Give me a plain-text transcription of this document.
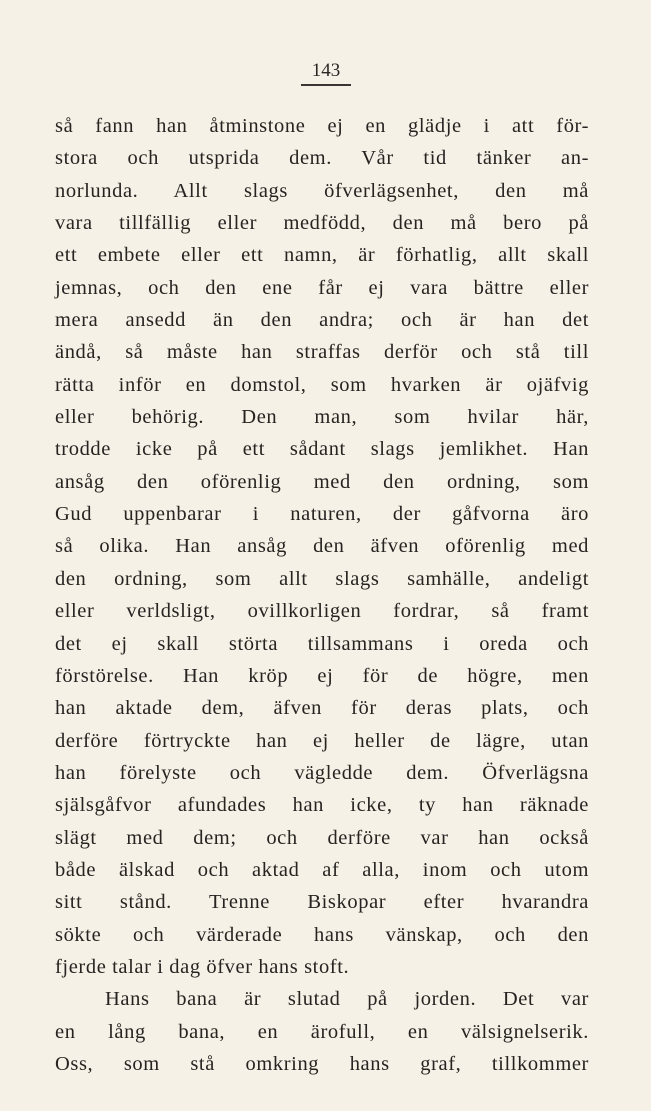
143
så fann han åtminstone ej en glädje i att för-
stora och utsprida dem. Vår tid tänker an-
norlunda. Allt slags öfverlägsenhet, den må
vara tillfällig eller medfödd, den må bero på
ett embete eller ett namn, är förhatlig, allt skall
jemnas, och den ene får ej vara bättre eller
mera ansedd än den andra; och är han det
ändå, så måste han straffas derför och stå till
rätta inför en domstol, som hvarken är ojäfvig
eller behörig. Den man, som hvilar här,
trodde icke på ett sådant slags jemlikhet. Han
ansåg den oförenlig med den ordning, som
Gud uppenbarar i naturen, der gåfvorna äro
så olika. Han ansåg den äfven oförenlig med
den ordning, som allt slags samhälle, andeligt
eller verldsligt, ovillkorligen fordrar, så framt
det ej skall störta tillsammans i oreda och
förstörelse. Han kröp ej för de högre, men
han aktade dem, äfven för deras plats, och
derföre förtryckte han ej heller de lägre, utan
han förelyste och vägledde dem. Öfverlägsna
själsgåfvor afundades han icke, ty han räknade
slägt med dem; och derföre var han också
både älskad och aktad af alla, inom och utom
sitt stånd. Trenne Biskopar efter hvarandra
sökte och värderade hans vänskap, och den
fjerde talar i dag öfver hans stoft.
Hans bana är slutad på jorden. Det var
en lång bana, en ärofull, en välsignelserik.
Oss, som stå omkring hans graf, tillkommer
